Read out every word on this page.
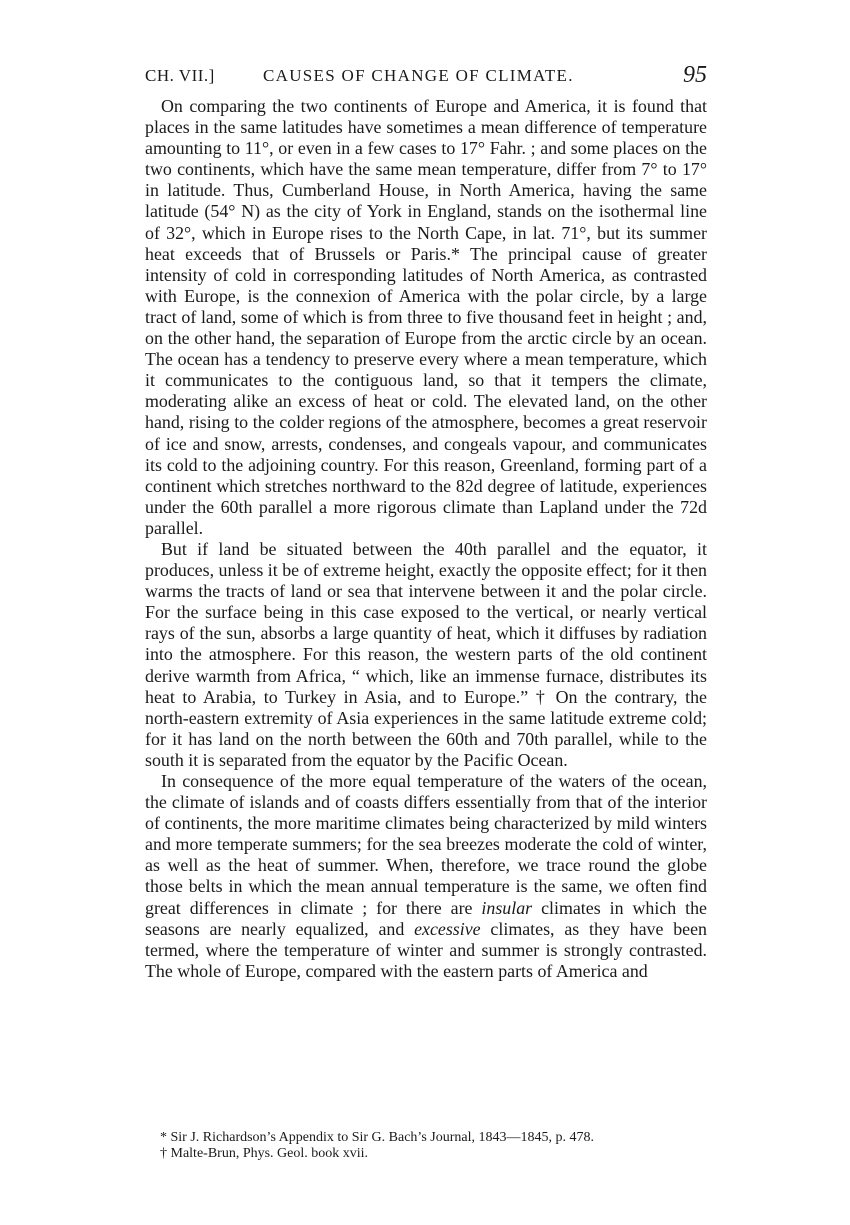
CH. VII.]	CAUSES OF CHANGE OF CLIMATE.	95

On comparing the two continents of Europe and America, it is found that places in the same latitudes have sometimes a mean difference of temperature amounting to 11°, or even in a few cases to 17° Fahr. ; and some places on the two continents, which have the same mean temperature, differ from 7° to 17° in latitude. Thus, Cumberland House, in North America, having the same latitude (54° N) as the city of York in England, stands on the isothermal line of 32°, which in Europe rises to the North Cape, in lat. 71°, but its summer heat exceeds that of Brussels or Paris.* The principal cause of greater intensity of cold in corresponding latitudes of North America, as contrasted with Europe, is the connexion of America with the polar circle, by a large tract of land, some of which is from three to five thousand feet in height ; and, on the other hand, the separation of Europe from the arctic circle by an ocean. The ocean has a tendency to preserve every where a mean temperature, which it communicates to the contiguous land, so that it tempers the climate, moderating alike an excess of heat or cold. The elevated land, on the other hand, rising to the colder regions of the atmosphere, becomes a great reservoir of ice and snow, arrests, condenses, and congeals vapour, and communicates its cold to the adjoining country. For this reason, Greenland, forming part of a continent which stretches northward to the 82d degree of latitude, experiences under the 60th parallel a more rigorous climate than Lapland under the 72d parallel.

But if land be situated between the 40th parallel and the equator, it produces, unless it be of extreme height, exactly the opposite effect; for it then warms the tracts of land or sea that intervene between it and the polar circle. For the surface being in this case exposed to the vertical, or nearly vertical rays of the sun, absorbs a large quantity of heat, which it diffuses by radiation into the atmosphere. For this reason, the western parts of the old continent derive warmth from Africa, “ which, like an immense furnace, distributes its heat to Arabia, to Turkey in Asia, and to Europe.” † On the contrary, the north-eastern extremity of Asia experiences in the same latitude extreme cold; for it has land on the north between the 60th and 70th parallel, while to the south it is separated from the equator by the Pacific Ocean.

In consequence of the more equal temperature of the waters of the ocean, the climate of islands and of coasts differs essentially from that of the interior of continents, the more maritime climates being characterized by mild winters and more temperate summers; for the sea breezes moderate the cold of winter, as well as the heat of summer. When, therefore, we trace round the globe those belts in which the mean annual temperature is the same, we often find great differences in climate ; for there are insular climates in which the seasons are nearly equalized, and excessive climates, as they have been termed, where the temperature of winter and summer is strongly contrasted. The whole of Europe, compared with the eastern parts of America and

* Sir J. Richardson’s Appendix to Sir G. Bach’s Journal, 1843—1845, p. 478.
† Malte-Brun, Phys. Geol. book xvii.
